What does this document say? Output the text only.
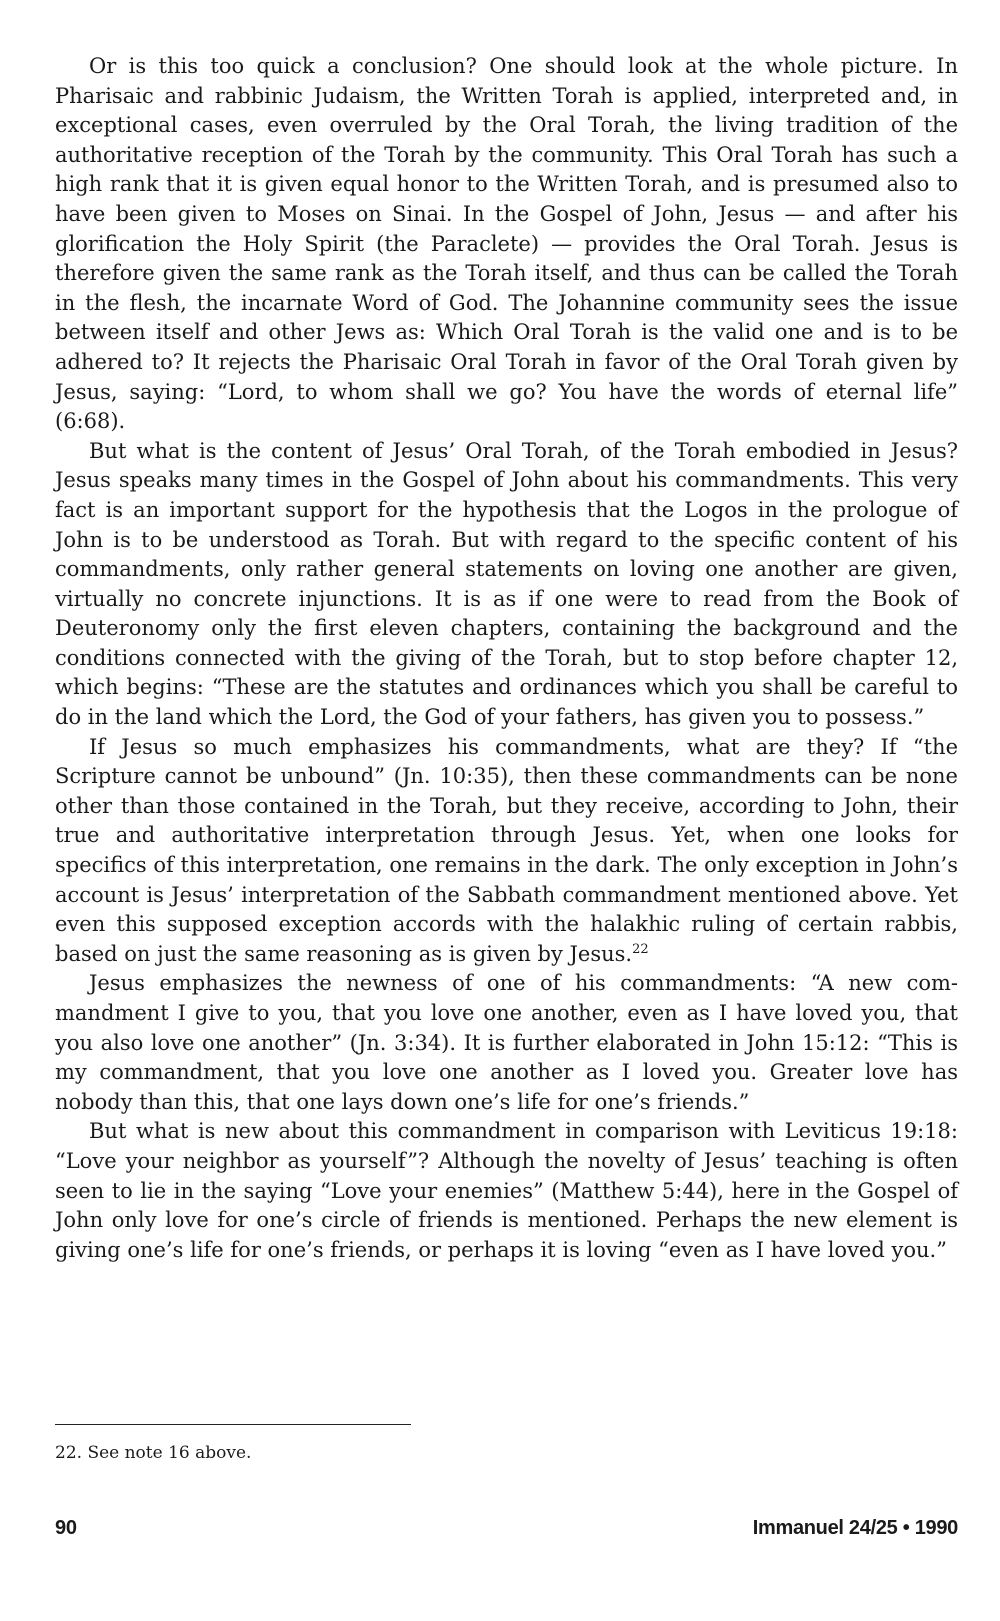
Or is this too quick a conclusion? One should look at the whole picture. In Pharisaic and rabbinic Judaism, the Written Torah is applied, interpreted and, in exceptional cases, even overruled by the Oral Torah, the living tradition of the authoritative reception of the Torah by the community. This Oral Torah has such a high rank that it is given equal honor to the Written Torah, and is presumed also to have been given to Moses on Sinai. In the Gospel of John, Jesus — and after his glorification the Holy Spirit (the Paraclete) — provides the Oral Torah. Jesus is therefore given the same rank as the Torah itself, and thus can be called the Torah in the flesh, the incarnate Word of God. The Johannine community sees the issue between itself and other Jews as: Which Oral Torah is the valid one and is to be adhered to? It rejects the Pharisaic Oral Torah in favor of the Oral Torah given by Jesus, saying: “Lord, to whom shall we go? You have the words of eternal life” (6:68).

But what is the content of Jesus’ Oral Torah, of the Torah embodied in Jesus? Jesus speaks many times in the Gospel of John about his commandments. This very fact is an important support for the hypothesis that the Logos in the prologue of John is to be understood as Torah. But with regard to the specific content of his commandments, only rather general statements on loving one another are given, virtually no concrete injunctions. It is as if one were to read from the Book of Deuteronomy only the first eleven chapters, containing the background and the conditions connected with the giving of the Torah, but to stop before chapter 12, which begins: “These are the statutes and ordinances which you shall be careful to do in the land which the Lord, the God of your fathers, has given you to possess.”

If Jesus so much emphasizes his commandments, what are they? If “the Scripture cannot be unbound” (Jn. 10:35), then these commandments can be none other than those contained in the Torah, but they receive, according to John, their true and authoritative interpretation through Jesus. Yet, when one looks for specifics of this interpretation, one remains in the dark. The only exception in John’s account is Jesus’ interpretation of the Sabbath commandment mentioned above. Yet even this supposed exception accords with the halakhic ruling of certain rabbis, based on just the same reasoning as is given by Jesus.$^{22}$

Jesus emphasizes the newness of one of his commandments: “A new commandment I give to you, that you love one another, even as I have loved you, that you also love one another” (Jn. 3:34). It is further elaborated in John 15:12: “This is my commandment, that you love one another as I loved you. Greater love has nobody than this, that one lays down one’s life for one’s friends.”

But what is new about this commandment in comparison with Leviticus 19:18: “Love your neighbor as yourself”? Although the novelty of Jesus’ teaching is often seen to lie in the saying “Love your enemies” (Matthew 5:44), here in the Gospel of John only love for one’s circle of friends is mentioned. Perhaps the new element is giving one’s life for one’s friends, or perhaps it is loving “even as I have loved you.”

22. See note 16 above.

90	Immanuel 24/25 • 1990
